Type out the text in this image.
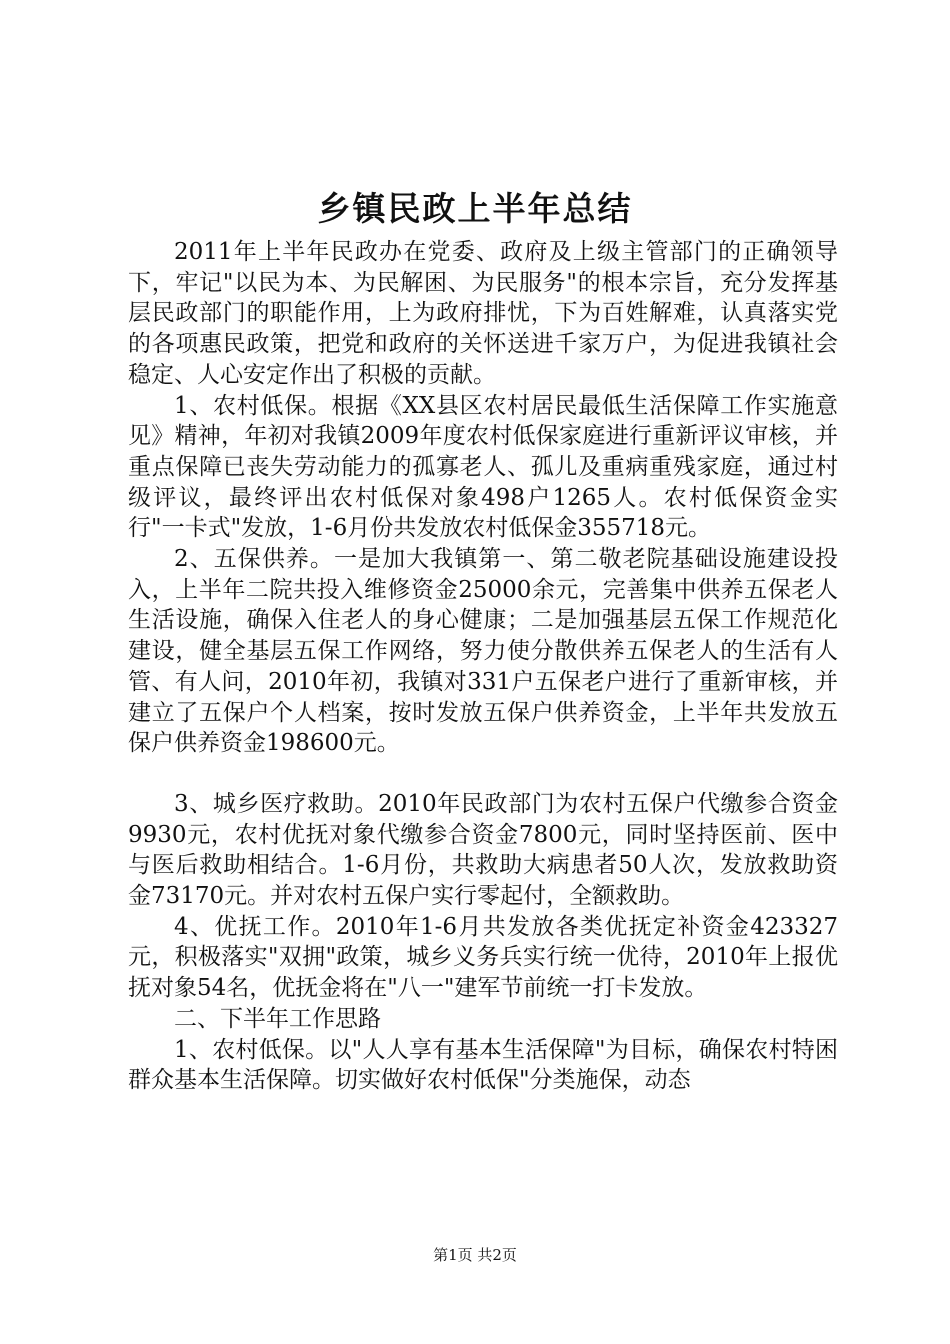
乡镇民政上半年总结

2011年上半年民政办在党委、政府及上级主管部门的正确领导下，牢记"以民为本、为民解困、为民服务"的根本宗旨，充分发挥基层民政部门的职能作用，上为政府排忧，下为百姓解难，认真落实党的各项惠民政策，把党和政府的关怀送进千家万户，为促进我镇社会稳定、人心安定作出了积极的贡献。

1、农村低保。根据《XX县区农村居民最低生活保障工作实施意见》精神，年初对我镇2009年度农村低保家庭进行重新评议审核，并重点保障已丧失劳动能力的孤寡老人、孤儿及重病重残家庭，通过村级评议，最终评出农村低保对象498户1265人。农村低保资金实行"一卡式"发放，1-6月份共发放农村低保金355718元。

2、五保供养。一是加大我镇第一、第二敬老院基础设施建设投入，上半年二院共投入维修资金25000余元，完善集中供养五保老人生活设施，确保入住老人的身心健康；二是加强基层五保工作规范化建设，健全基层五保工作网络，努力使分散供养五保老人的生活有人管、有人问，2010年初，我镇对331户五保老户进行了重新审核，并建立了五保户个人档案，按时发放五保户供养资金，上半年共发放五保户供养资金198600元。

3、城乡医疗救助。2010年民政部门为农村五保户代缴参合资金9930元，农村优抚对象代缴参合资金7800元，同时坚持医前、医中与医后救助相结合。1-6月份，共救助大病患者50人次，发放救助资金73170元。并对农村五保户实行零起付，全额救助。

4、优抚工作。2010年1-6月共发放各类优抚定补资金423327元，积极落实"双拥"政策，城乡义务兵实行统一优待，2010年上报优抚对象54名，优抚金将在"八一"建军节前统一打卡发放。

二、下半年工作思路

1、农村低保。以"人人享有基本生活保障"为目标，确保农村特困群众基本生活保障。切实做好农村低保"分类施保，动态

第1页 共2页
